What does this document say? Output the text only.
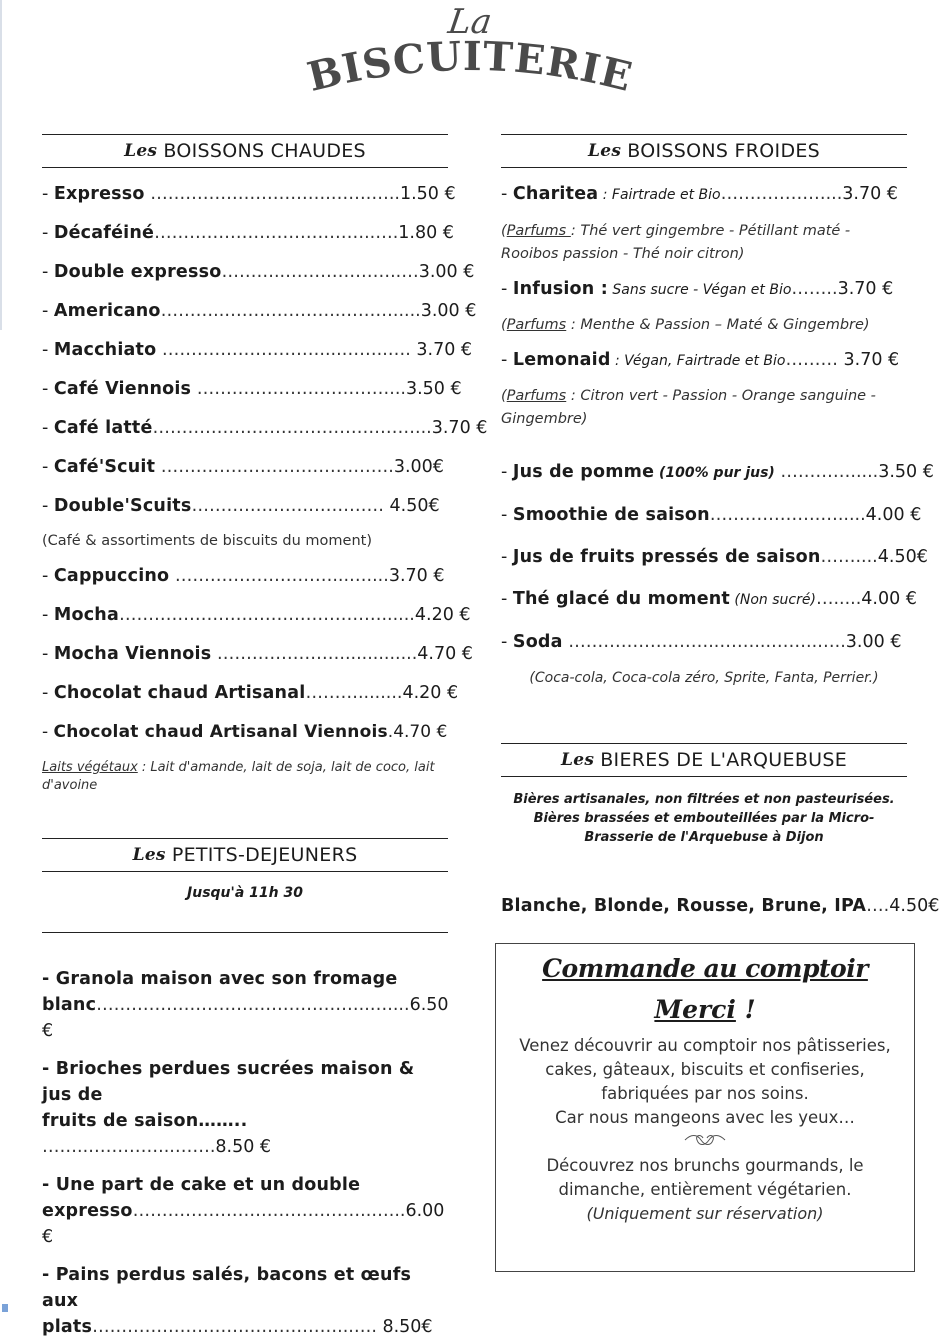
La
BISCUITERIE
Les BOISSONS CHAUDES
- Expresso ………………………….…….…..1.50 €
- Décaféiné………………………………..….1.80 €
- Double expresso………..………………..…3.00 €
- Americano………..………………..……….....3.00 €
- Macchiato ………………………....……..…. 3.70 €
- Café Viennois ……………………………...3.50 €
- Café latté………………………………………...3.70 €
- Café'Scuit ………………………………….3.00€
- Double'Scuits…………………………… 4.50€
(Café & assortiments de biscuits du moment)
- Cappuccino ………………………...…....3.70 €
- Mocha………………………………………......4.20 €
- Mocha Viennois …………………..............4.70 €
- Chocolat chaud Artisanal………........4.20 €
- Chocolat chaud Artisanal Viennois.4.70 €
Laits végétaux : Lait d'amande, lait de soja, lait de coco, lait d'avoine
Les PETITS-DEJEUNERS
Jusqu'à 11h 30
- Granola maison avec son fromage
blanc………………………………………..…....6.50 €
- Brioches perdues sucrées maison & jus de
fruits de saison…….. ……..…………...…….8.50 €
- Une part de cake et un double
expresso…………………………………..…...6.00 €
- Pains perdus salés, bacons et œufs aux
plats……………………………………...…. 8.50€
Les BOISSONS FROIDES
- Charitea : Fairtrade et Bio………………...3.70 €
(Parfums : Thé vert gingembre - Pétillant maté - Rooibos passion - Thé noir citron)
- Infusion : Sans sucre - Végan et Bio……..3.70 €
(Parfums : Menthe & Passion – Maté & Gingembre)
- Lemonaid : Végan, Fairtrade et Bio……… 3.70 €
(Parfums : Citron vert - Passion - Orange sanguine - Gingembre)
- Jus de pomme (100% pur jus) ………….....3.50 €
- Smoothie de saison……………….….....4.00 €
- Jus de fruits pressés de saison……....4.50€
- Thé glacé du moment (Non sucré)….....4.00 €
- Soda ……………………..……...……..…..3.00 €
(Coca-cola, Coca-cola zéro, Sprite, Fanta, Perrier.)
Les BIERES DE L'ARQUEBUSE
Bières artisanales, non filtrées et non pasteurisées. Bières brassées et embouteillées par la Micro-Brasserie de l'Arquebuse à Dijon
Blanche, Blonde, Rousse, Brune, IPA….4.50€
Commande au comptoir
Merci !
Venez découvrir au comptoir nos pâtisseries,
cakes, gâteaux, biscuits et confiseries,
fabriquées par nos soins.
Car nous mangeons avec les yeux…
Découvrez nos brunchs gourmands, le
dimanche, entièrement végétarien.
(Uniquement sur réservation)
